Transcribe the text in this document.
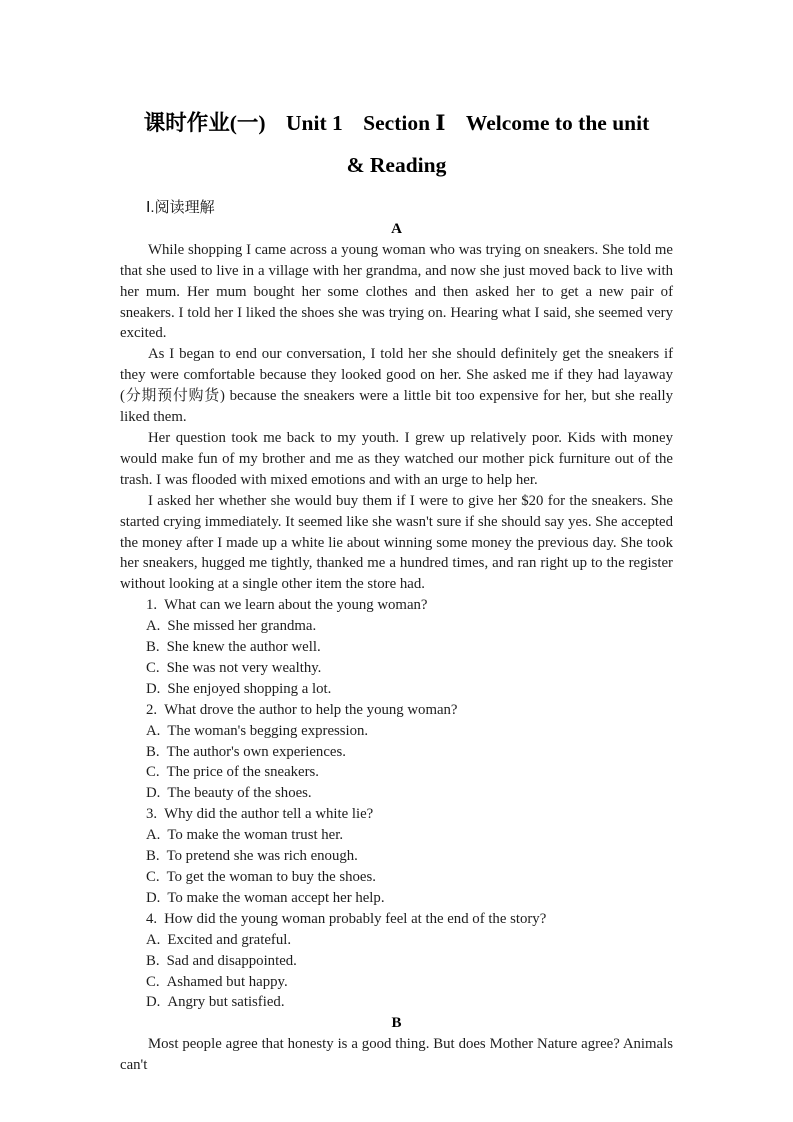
课时作业(一) Unit 1 Section Ⅰ Welcome to the unit
& Reading
Ⅰ.阅读理解
A

While shopping I came across a young woman who was trying on sneakers. She told me that she used to live in a village with her grandma, and now she just moved back to live with her mum. Her mum bought her some clothes and then asked her to get a new pair of sneakers. I told her I liked the shoes she was trying on. Hearing what I said, she seemed very excited.

As I began to end our conversation, I told her she should definitely get the sneakers if they were comfortable because they looked good on her. She asked me if they had layaway (分期预付购货) because the sneakers were a little bit too expensive for her, but she really liked them.

Her question took me back to my youth. I grew up relatively poor. Kids with money would make fun of my brother and me as they watched our mother pick furniture out of the trash. I was flooded with mixed emotions and with an urge to help her.

I asked her whether she would buy them if I were to give her $20 for the sneakers. She started crying immediately. It seemed like she wasn't sure if she should say yes. She accepted the money after I made up a white lie about winning some money the previous day. She took her sneakers, hugged me tightly, thanked me a hundred times, and ran right up to the register without looking at a single other item the store had.

1. What can we learn about the young woman?
A. She missed her grandma.
B. She knew the author well.
C. She was not very wealthy.
D. She enjoyed shopping a lot.
2. What drove the author to help the young woman?
A. The woman's begging expression.
B. The author's own experiences.
C. The price of the sneakers.
D. The beauty of the shoes.
3. Why did the author tell a white lie?
A. To make the woman trust her.
B. To pretend she was rich enough.
C. To get the woman to buy the shoes.
D. To make the woman accept her help.
4. How did the young woman probably feel at the end of the story?
A. Excited and grateful.
B. Sad and disappointed.
C. Ashamed but happy.
D. Angry but satisfied.
B

Most people agree that honesty is a good thing. But does Mother Nature agree? Animals can't
